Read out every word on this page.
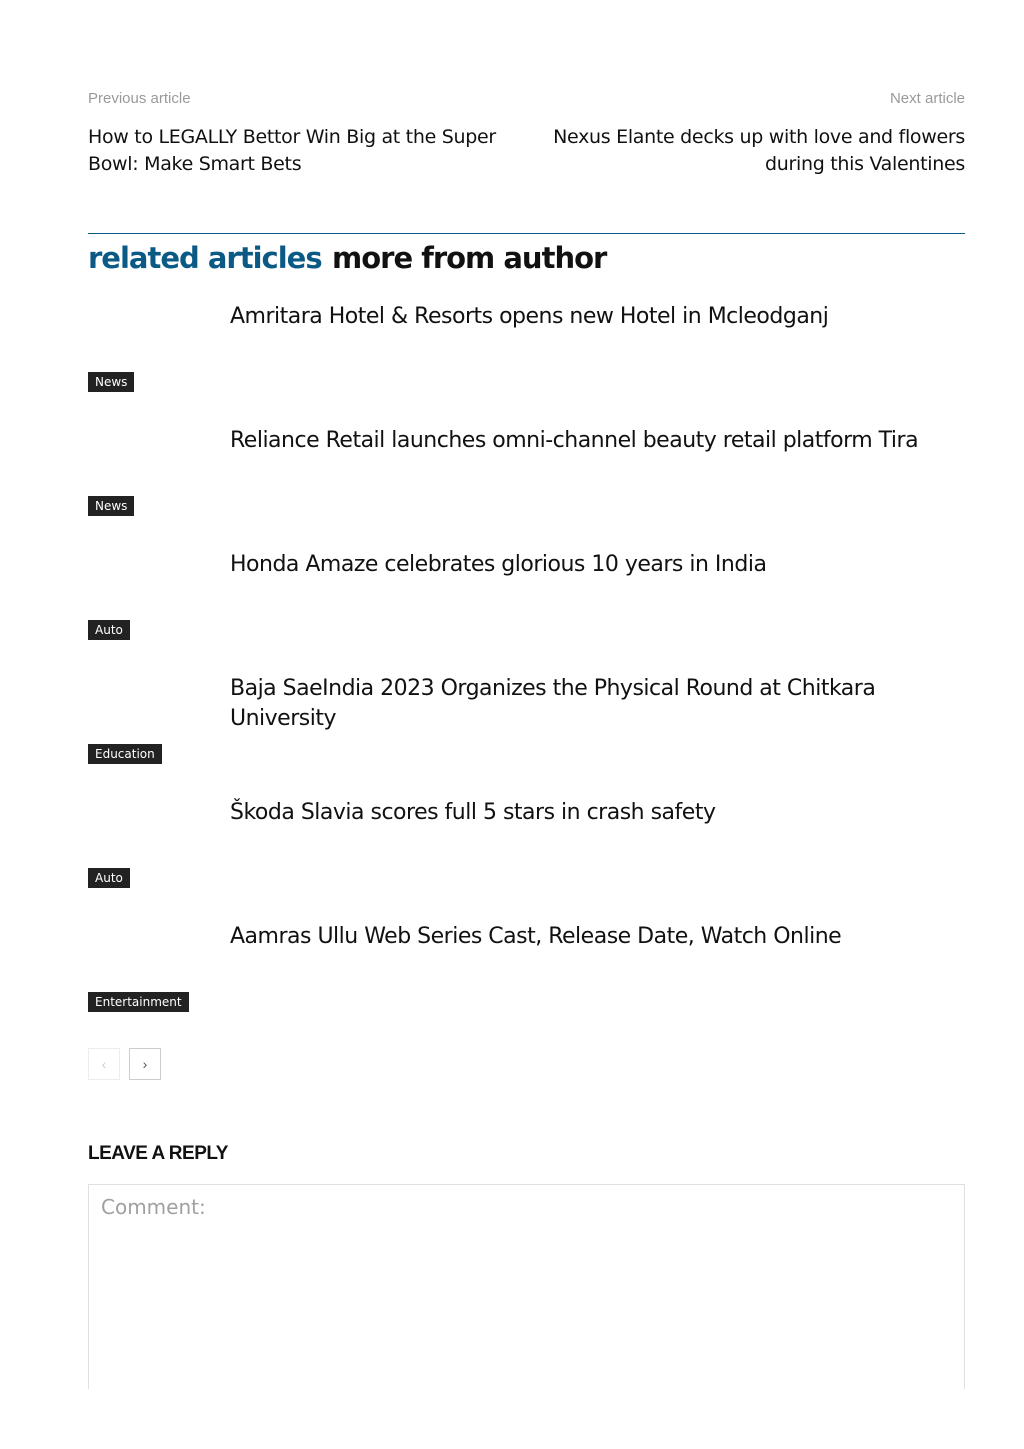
Previous article
How to LEGALLY Bettor Win Big at the Super Bowl: Make Smart Bets
Next article
Nexus Elante decks up with love and flowers during this Valentines
related articles more from author
Amritara Hotel & Resorts opens new Hotel in Mcleodganj
News
Reliance Retail launches omni-channel beauty retail platform Tira
News
Honda Amaze celebrates glorious 10 years in India
Auto
Baja SaeIndia 2023 Organizes the Physical Round at Chitkara University
Education
Škoda Slavia scores full 5 stars in crash safety
Auto
Aamras Ullu Web Series Cast, Release Date, Watch Online
Entertainment
‹	›
LEAVE A REPLY
Comment:
